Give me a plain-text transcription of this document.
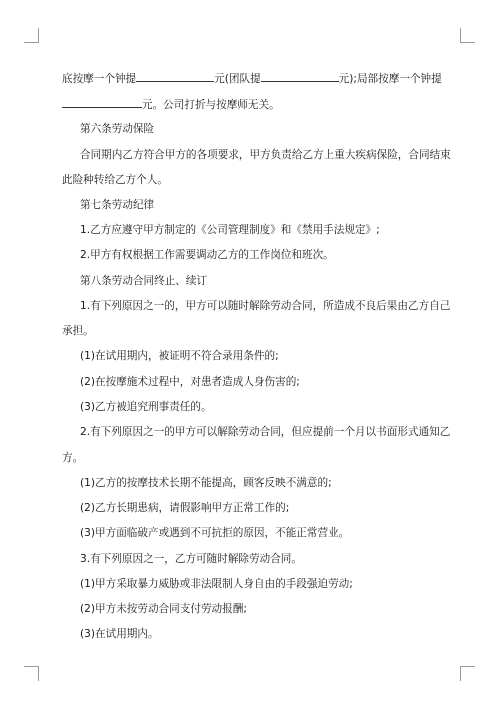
底按摩一个钟提	元(团队提	元);局部按摩一个钟提
元。公司打折与按摩师无关。
第六条劳动保险
合同期内乙方符合甲方的各项要求，甲方负责给乙方上重大疾病保险，合同结束
此险种转给乙方个人。
第七条劳动纪律
1.乙方应遵守甲方制定的《公司管理制度》和《禁用手法规定》;
2.甲方有权根据工作需要调动乙方的工作岗位和班次。
第八条劳动合同终止、续订
1.有下列原因之一的，甲方可以随时解除劳动合同，所造成不良后果由乙方自己
承担。
(1)在试用期内，被证明不符合录用条件的;
(2)在按摩施术过程中，对患者造成人身伤害的;
(3)乙方被追究刑事责任的。
2.有下列原因之一的甲方可以解除劳动合同，但应提前一个月以书面形式通知乙
方。
(1)乙方的按摩技术长期不能提高，顾客反映不满意的;
(2)乙方长期患病，请假影响甲方正常工作的;
(3)甲方面临破产或遇到不可抗拒的原因，不能正常营业。
3.有下列原因之一，乙方可随时解除劳动合同。
(1)甲方采取暴力威胁或非法限制人身自由的手段强迫劳动;
(2)甲方未按劳动合同支付劳动报酬;
(3)在试用期内。
